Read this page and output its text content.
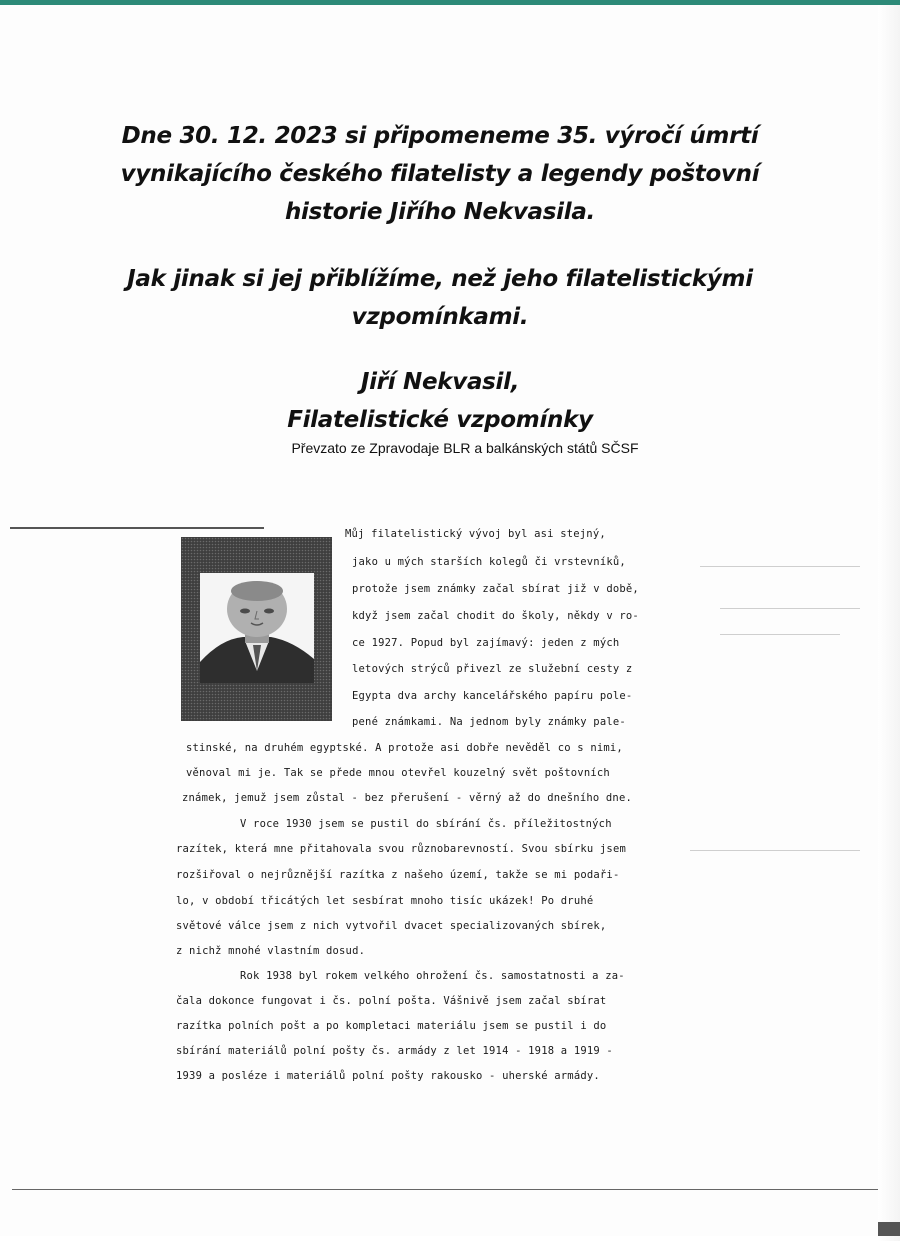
Dne 30. 12. 2023 si připomeneme 35. výročí úmrtí
vynikajícího českého filatelisty a legendy poštovní
historie Jiřího Nekvasila.
Jak jinak si jej přiblížíme, než jeho filatelistickými
vzpomínkami.
Jiří Nekvasil,
Filatelistické vzpomínky
Převzato ze Zpravodaje BLR a balkánských států SČSF
Můj filatelistický vývoj byl asi stejný,
jako u mých starších kolegů či vrstevníků,
protože jsem známky začal sbírat již v době,
když jsem začal chodit do školy, někdy v ro-
ce 1927. Popud byl zajímavý: jeden z mých
letových strýců přivezl ze služební cesty z
Egypta dva archy kancelářského papíru pole-
pené známkami. Na jednom byly známky pale-
stinské, na druhém egyptské. A protože asi dobře nevěděl co s nimi,
věnoval mi je. Tak se přede mnou otevřel kouzelný svět poštovních
známek, jemuž jsem zůstal - bez přerušení - věrný až do dnešního dne.
V roce 1930 jsem se pustil do sbírání čs. příležitostných
razítek, která mne přitahovala svou různobarevností. Svou sbírku jsem
rozšiřoval o nejrůznější razítka z našeho území, takže se mi podaři-
lo, v období třicátých let sesbírat mnoho tisíc ukázek! Po druhé
světové válce jsem z nich vytvořil dvacet specializovaných sbírek,
z nichž mnohé vlastním dosud.
Rok 1938 byl rokem velkého ohrožení čs. samostatnosti a za-
čala dokonce fungovat i čs. polní pošta. Vášnivě jsem začal sbírat
razítka polních pošt a po kompletaci materiálu jsem se pustil i do
sbírání materiálů polní pošty čs. armády z let 1914 - 1918 a 1919 -
1939 a posléze i materiálů polní pošty rakousko - uherské armády.
